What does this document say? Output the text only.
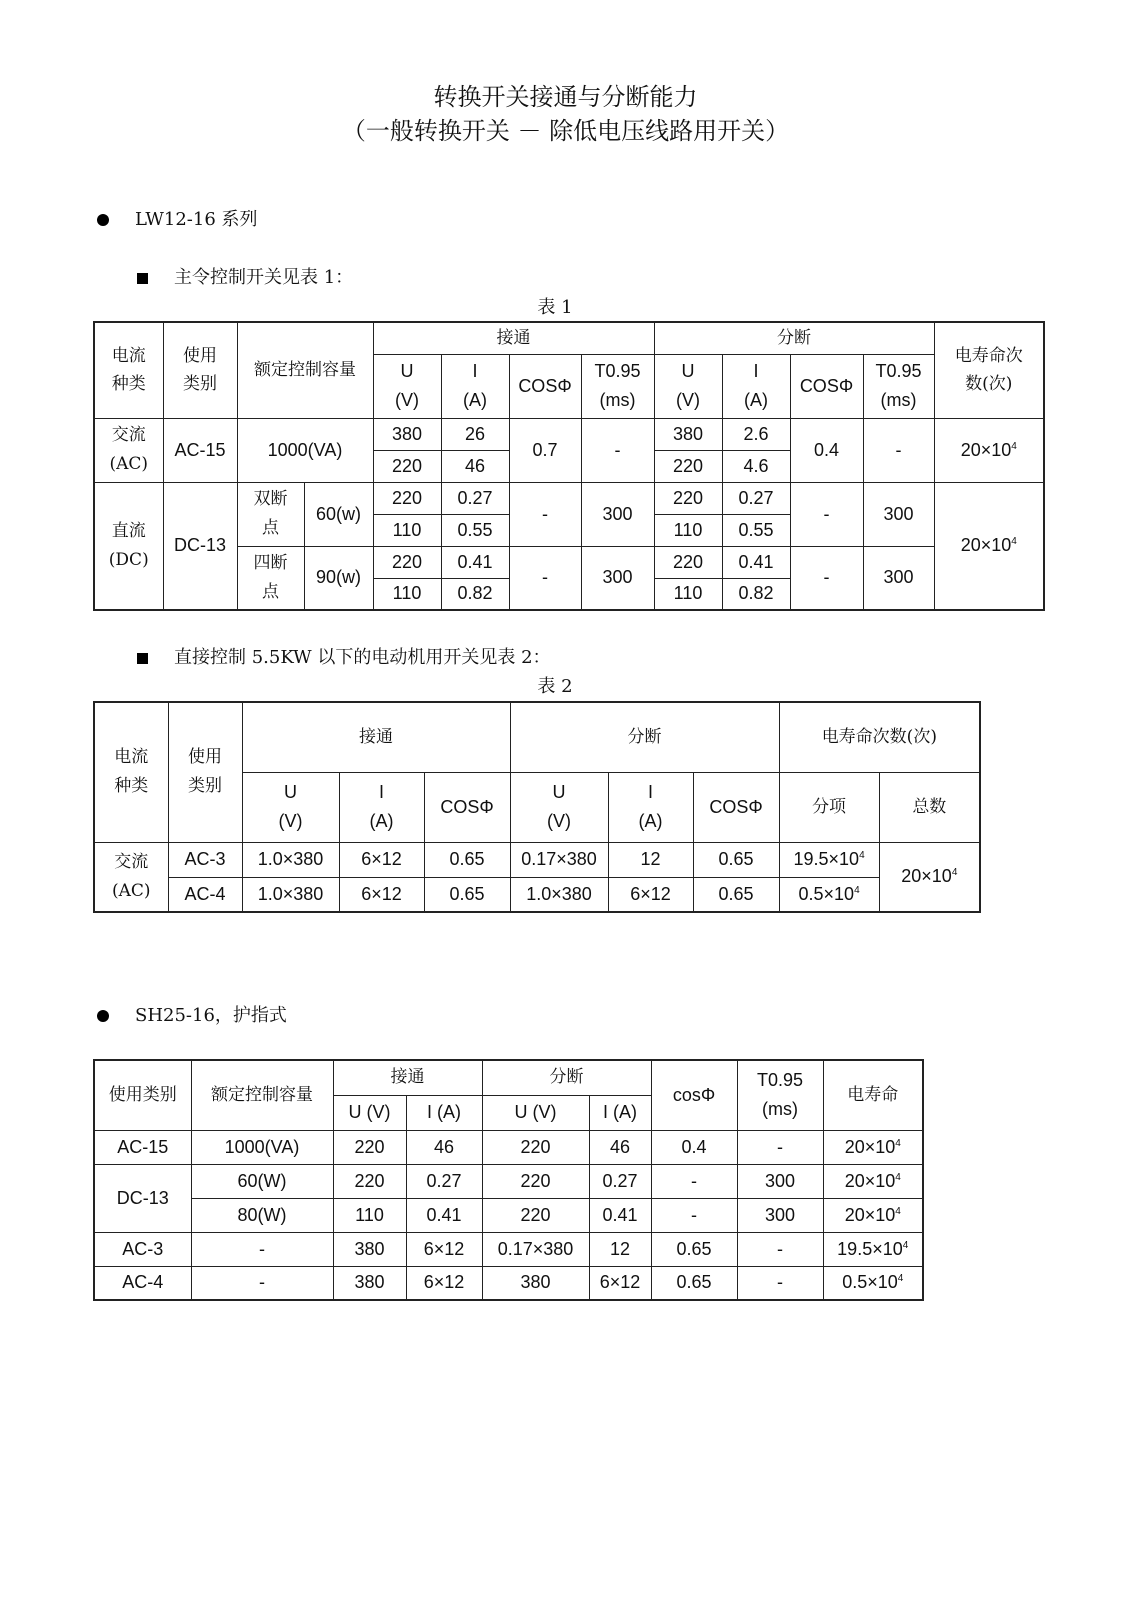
转换开关接通与分断能力
（一般转换开关 － 除低电压线路用开关）
LW12-16 系列
主令控制开关见表 1：
表 1
电流种类	使用类别	额定控制容量		接通				分断				电寿命次数(次)

				U (V)	I (A)	COSΦ	T0.95 (ms)	U (V)	I (A)	COSΦ	T0.95 (ms)	

交流 (AC)	AC-15	1000(VA)		380	26	0.7	-	380	2.6	0.4	-	$20\times 10^4$
				220	46			220	4.6			

直流 (DC)	DC-13	双断点	60(w)	220	0.27	-	300	220	0.27	-	300	$20\times 10^4$
				110	0.55			110	0.55			

		四断点	90(w)	220	0.41	-	300	220	0.41	-	300	
				110	0.82			110	0.82			
直接控制 5.5KW 以下的电动机用开关见表 2：
表 2
电流种类	使用类别	接通			分断			电寿命次数(次)	

		U (V)	I (A)	COSΦ	U (V)	I (A)	COSΦ	分项	总数

交流 (AC)	AC-3	1.0×380	6×12	0.65	0.17×380	12	0.65	$19.5\times 10^4$	$20\times 10^4$
	AC-4	1.0×380	6×12	0.65	1.0×380	6×12	0.65	$0.5\times 10^4$
SH25-16，护指式
使用类别	额定控制容量	接通		分断		cosΦ	T0.95 (ms)	电寿命
		U (V)	I (A)	U (V)	I (A)			
AC-15	1000(VA)	220	46	220	46	0.4	-	$20\times 10^4$
DC-13	60(W)	220	0.27	220	0.27	-	300	$20\times 10^4$
	80(W)	110	0.41	220	0.41	-	300	$20\times 10^4$
AC-3	-	380	6×12	0.17×380	12	0.65	-	$19.5\times 10^4$
AC-4	-	380	6×12	380	6×12	0.65	-	$0.5\times 10^4$
